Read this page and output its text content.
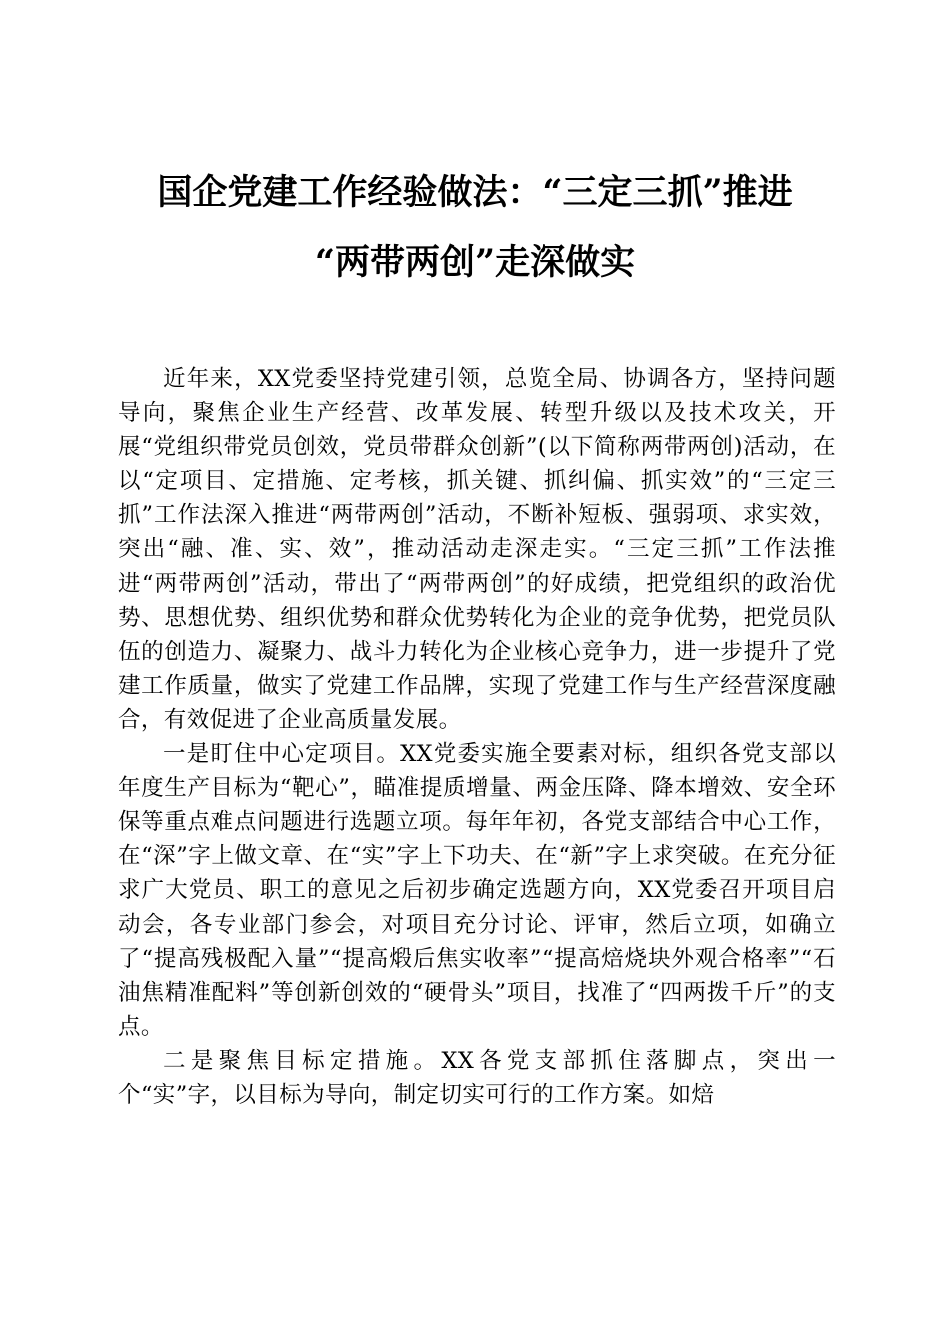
国企党建工作经验做法：“三定三抓”推进
“两带两创”走深做实

近年来，XX党委坚持党建引领，总览全局、协调各方，坚持问题导向，聚焦企业生产经营、改革发展、转型升级以及技术攻关，开展“党组织带党员创效，党员带群众创新”(以下简称两带两创)活动，在以“定项目、定措施、定考核，抓关键、抓纠偏、抓实效”的“三定三抓”工作法深入推进“两带两创”活动，不断补短板、强弱项、求实效，突出“融、准、实、效”，推动活动走深走实。“三定三抓”工作法推进“两带两创”活动，带出了“两带两创”的好成绩，把党组织的政治优势、思想优势、组织优势和群众优势转化为企业的竞争优势，把党员队伍的创造力、凝聚力、战斗力转化为企业核心竞争力，进一步提升了党建工作质量，做实了党建工作品牌，实现了党建工作与生产经营深度融合，有效促进了企业高质量发展。

一是盯住中心定项目。XX党委实施全要素对标，组织各党支部以年度生产目标为“靶心”，瞄准提质增量、两金压降、降本增效、安全环保等重点难点问题进行选题立项。每年年初，各党支部结合中心工作，在“深”字上做文章、在“实”字上下功夫、在“新”字上求突破。在充分征求广大党员、职工的意见之后初步确定选题方向，XX党委召开项目启动会，各专业部门参会，对项目充分讨论、评审，然后立项，如确立了“提高残极配入量”“提高煅后焦实收率”“提高焙烧块外观合格率”“石油焦精准配料”等创新创效的“硬骨头”项目，找准了“四两拨千斤”的支点。

二是聚焦目标定措施。XX各党支部抓住落脚点，突出一个“实”字，以目标为导向，制定切实可行的工作方案。如焙
